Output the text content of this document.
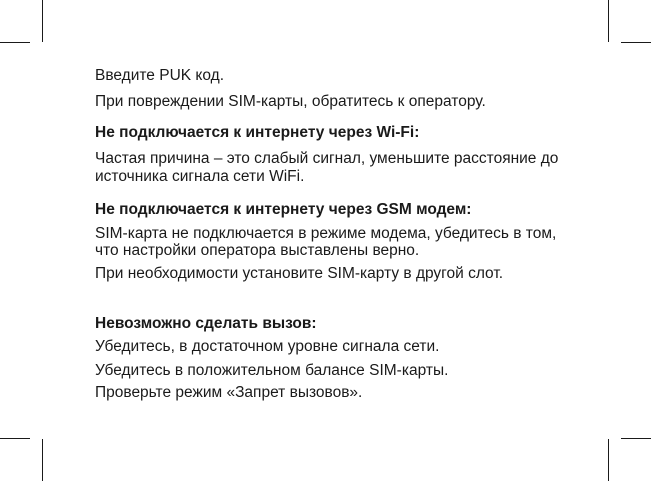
Введите PUK код.
При повреждении SIM-карты, обратитесь к оператору.
Не подключается к интернету через Wi-Fi:
Частая причина – это слабый сигнал, уменьшите расстояние до
источника сигнала сети WiFi.
Не подключается к интернету через GSM модем:
SIM-карта не подключается в режиме модема, убедитесь в том,
что настройки оператора выставлены верно.
При необходимости установите SIM-карту в другой слот.
Невозможно сделать вызов:
Убедитесь, в достаточном уровне сигнала сети.
Убедитесь в положительном балансе SIM-карты.
Проверьте режим «Запрет вызовов».
